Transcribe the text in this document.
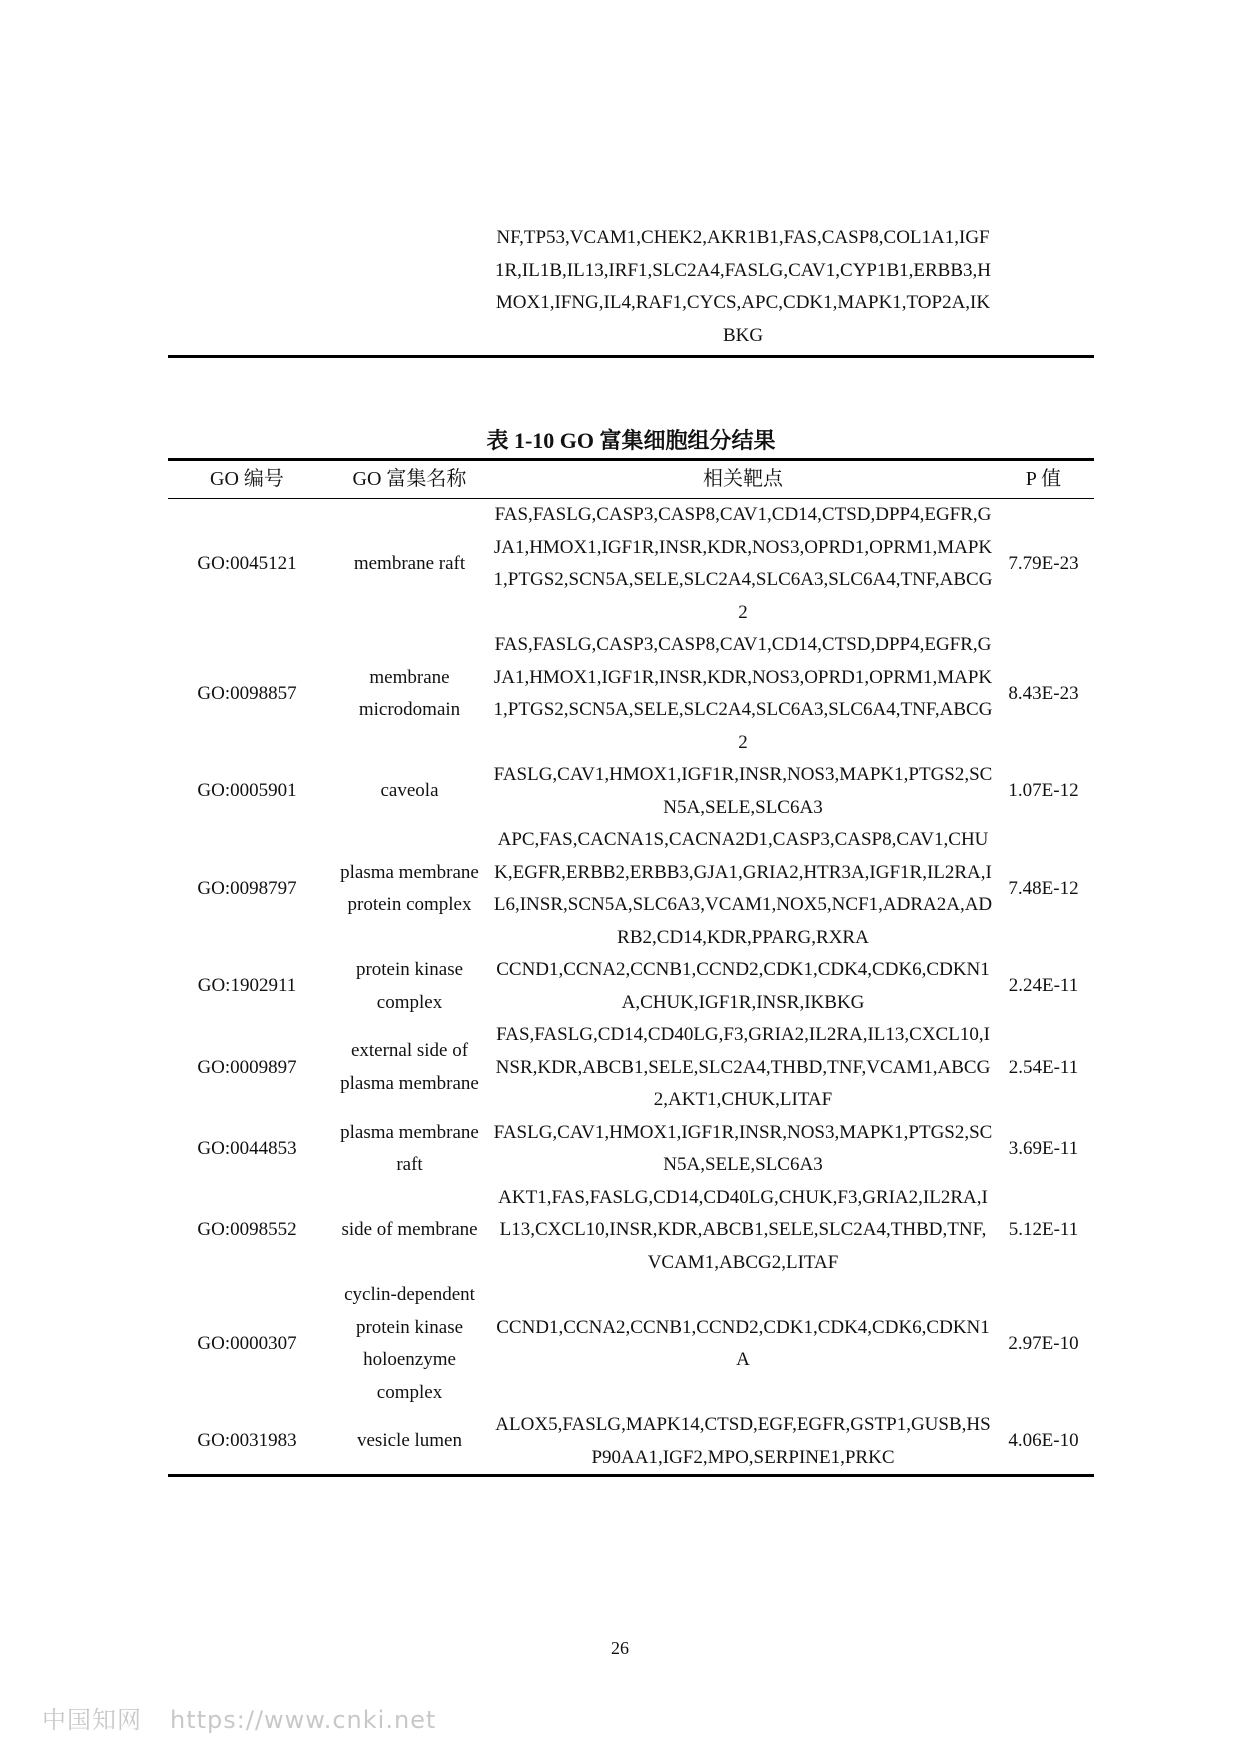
NF,TP53,VCAM1,CHEK2,AKR1B1,FAS,CASP8,COL1A1,IGF1R,IL1B,IL13,IRF1,SLC2A4,FASLG,CAV1,CYP1B1,ERBB3,HMOX1,IFNG,IL4,RAF1,CYCS,APC,CDK1,MAPK1,TOP2A,IKBKG
表 1-10 GO 富集细胞组分结果
GO 编号	GO 富集名称	相关靶点	P 值
GO:0045121	membrane raft	FAS,FASLG,CASP3,CASP8,CAV1,CD14,CTSD,DPP4,EGFR,GJA1,HMOX1,IGF1R,INSR,KDR,NOS3,OPRD1,OPRM1,MAPK1,PTGS2,SCN5A,SELE,SLC2A4,SLC6A3,SLC6A4,TNF,ABCG2	7.79E-23
GO:0098857	membrane microdomain	FAS,FASLG,CASP3,CASP8,CAV1,CD14,CTSD,DPP4,EGFR,GJA1,HMOX1,IGF1R,INSR,KDR,NOS3,OPRD1,OPRM1,MAPK1,PTGS2,SCN5A,SELE,SLC2A4,SLC6A3,SLC6A4,TNF,ABCG2	8.43E-23
GO:0005901	caveola	FASLG,CAV1,HMOX1,IGF1R,INSR,NOS3,MAPK1,PTGS2,SCN5A,SELE,SLC6A3	1.07E-12
GO:0098797	plasma membrane protein complex	APC,FAS,CACNA1S,CACNA2D1,CASP3,CASP8,CAV1,CHUK,EGFR,ERBB2,ERBB3,GJA1,GRIA2,HTR3A,IGF1R,IL2RA,IL6,INSR,SCN5A,SLC6A3,VCAM1,NOX5,NCF1,ADRA2A,ADRB2,CD14,KDR,PPARG,RXRA	7.48E-12
GO:1902911	protein kinase complex	CCND1,CCNA2,CCNB1,CCND2,CDK1,CDK4,CDK6,CDKN1A,CHUK,IGF1R,INSR,IKBKG	2.24E-11
GO:0009897	external side of plasma membrane	FAS,FASLG,CD14,CD40LG,F3,GRIA2,IL2RA,IL13,CXCL10,INSR,KDR,ABCB1,SELE,SLC2A4,THBD,TNF,VCAM1,ABCG2,AKT1,CHUK,LITAF	2.54E-11
GO:0044853	plasma membrane raft	FASLG,CAV1,HMOX1,IGF1R,INSR,NOS3,MAPK1,PTGS2,SCN5A,SELE,SLC6A3	3.69E-11
GO:0098552	side of membrane	AKT1,FAS,FASLG,CD14,CD40LG,CHUK,F3,GRIA2,IL2RA,IL13,CXCL10,INSR,KDR,ABCB1,SELE,SLC2A4,THBD,TNF,VCAM1,ABCG2,LITAF	5.12E-11
GO:0000307	cyclin-dependent protein kinase holoenzyme complex	CCND1,CCNA2,CCNB1,CCND2,CDK1,CDK4,CDK6,CDKN1A	2.97E-10
GO:0031983	vesicle lumen	ALOX5,FASLG,MAPK14,CTSD,EGF,EGFR,GSTP1,GUSB,HSP90AA1,IGF2,MPO,SERPINE1,PRKC	4.06E-10
26
中国知网 https://www.cnki.net
